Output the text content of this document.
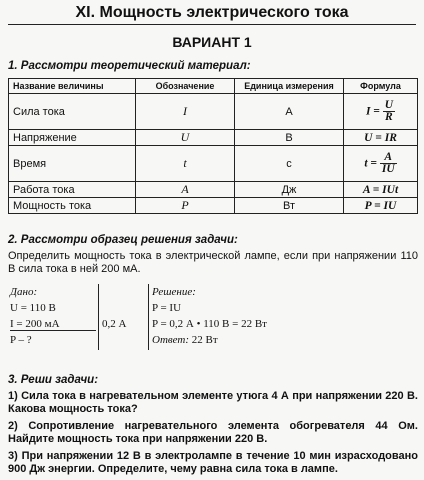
XI. Мощность электрического тока
ВАРИАНТ 1
1. Рассмотри теоретический материал:
Название величины	Обозначение	Единица измерения	Формула
Сила тока	I	А	$I = \frac{U}{R}$

Напряжение	U	В	U = IR
Время	t	с	$t = \frac{A}{IU}$

Работа тока	A	Дж	A = IUt
Мощность тока	P	Вт	P = IU
2. Рассмотри образец решения задачи:
Определить мощность тока в электрической лампе, если при напряжении 110 В сила тока в ней 200 мА.
Дано:
U = 110 В
I = 200 мА
P – ?
0,2 А
Решение:
P = IU
P = 0,2 А • 110 В = 22 Вт
Ответ: 22 Вт
3. Реши задачи:
1) Сила тока в нагревательном элементе утюга 4 А при напряжении 220 В. Какова мощность тока?
2) Сопротивление нагревательного элемента обогревателя 44 Ом. Найдите мощность тока при напряжении 220 В.
3) При напряжении 12 В в электролампе в течение 10 мин израсходовано 900 Дж энергии. Определите, чему равна сила тока в лампе.
